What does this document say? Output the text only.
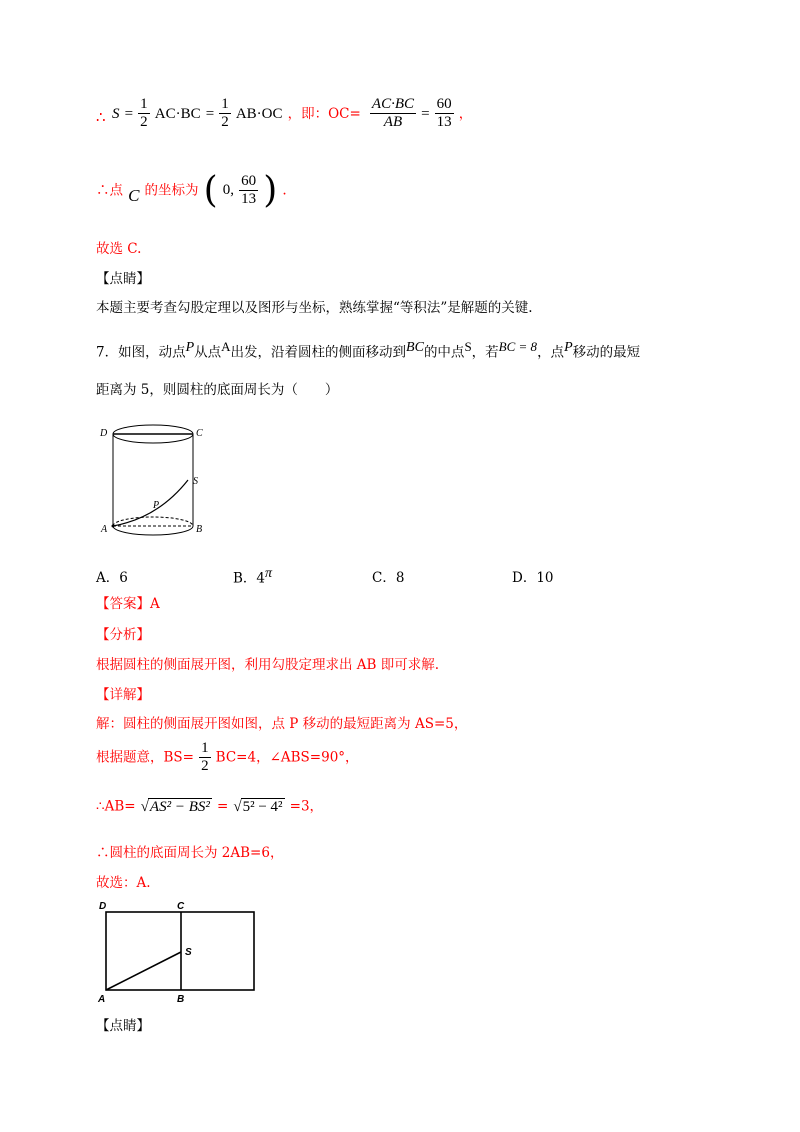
∴ $S = \frac{1}{2} AC\cdot BC = \frac{1}{2} AB\cdot OC$ ，即：$OC= \frac{AC\cdot BC}{AB} = \frac{60}{13}$ ，
∴点 C 的坐标为 ( 0, $\frac{60}{13}$ ) .
故选 C.
【点睛】
本题主要考查勾股定理以及图形与坐标，熟练掌握“等积法”是解题的关键.
7．如图，动点$^P$从点$^A$出发，沿着圆柱的侧面移动到$^{BC}$的中点$^S$，若$^{BC = 8}$，点$^P$移动的最短
距离为 5，则圆柱的底面周长为（　　）
D	C
S
P
A	B
A．6	B．$4^\pi$	C．8	D．10
【答案】A
【分析】
根据圆柱的侧面展开图，利用勾股定理求出 AB 即可求解.
【详解】
解：圆柱的侧面展开图如图，点 P 移动的最短距离为 AS=5，
根据题意，$BS= \frac{1}{2} BC=4$，∠ABS=90°，
∴AB= √AS² − BS² = √5² − 4² =3，
∴圆柱的底面周长为 2AB=6，
故选：A.
D	C
S
A	B
【点睛】
